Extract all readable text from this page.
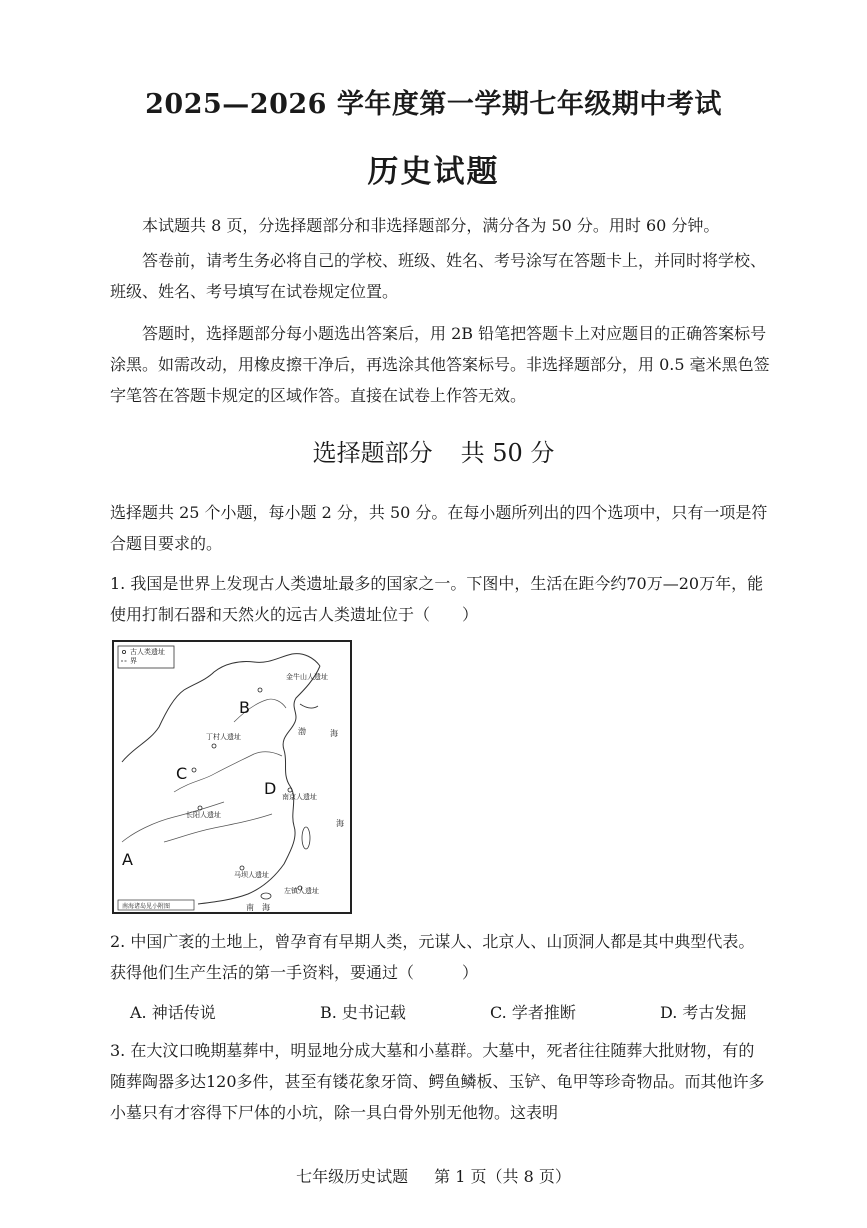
2025—2026 学年度第一学期七年级期中考试
历史试题
本试题共 8 页，分选择题部分和非选择题部分，满分各为 50 分。用时 60 分钟。
答卷前，请考生务必将自己的学校、班级、姓名、考号涂写在答题卡上，并同时将学校、班级、姓名、考号填写在试卷规定位置。
答题时，选择题部分每小题选出答案后，用 2B 铅笔把答题卡上对应题目的正确答案标号涂黑。如需改动，用橡皮擦干净后，再选涂其他答案标号。非选择题部分，用 0.5 毫米黑色签字笔答在答题卡规定的区域作答。直接在试卷上作答无效。
选择题部分 共 50 分
选择题共 25 个小题，每小题 2 分，共 50 分。在每小题所列出的四个选项中，只有一项是符合题目要求的。
1. 我国是世界上发现古人类遗址最多的国家之一。下图中，生活在距今约70万—20万年，能使用打制石器和天然火的远古人类遗址位于（　　）
古人类遗址
界
B
C
D
A
金牛山人遗址
丁村人遗址
南京人遗址
长阳人遗址
马坝人遗址
左镇人遗址
渤	海
海
南 海
南海诸岛见小附图
2. 中国广袤的土地上，曾孕育有早期人类，元谋人、北京人、山顶洞人都是其中典型代表。获得他们生产生活的第一手资料，要通过（　　　）
A. 神话传说	B. 史书记载	C. 学者推断	D. 考古发掘
3. 在大汶口晚期墓葬中，明显地分成大墓和小墓群。大墓中，死者往往随葬大批财物，有的随葬陶器多达120多件，甚至有镂花象牙筒、鳄鱼鳞板、玉铲、龟甲等珍奇物品。而其他许多小墓只有才容得下尸体的小坑，除一具白骨外别无他物。这表明
七年级历史试题 第 1 页（共 8 页）
